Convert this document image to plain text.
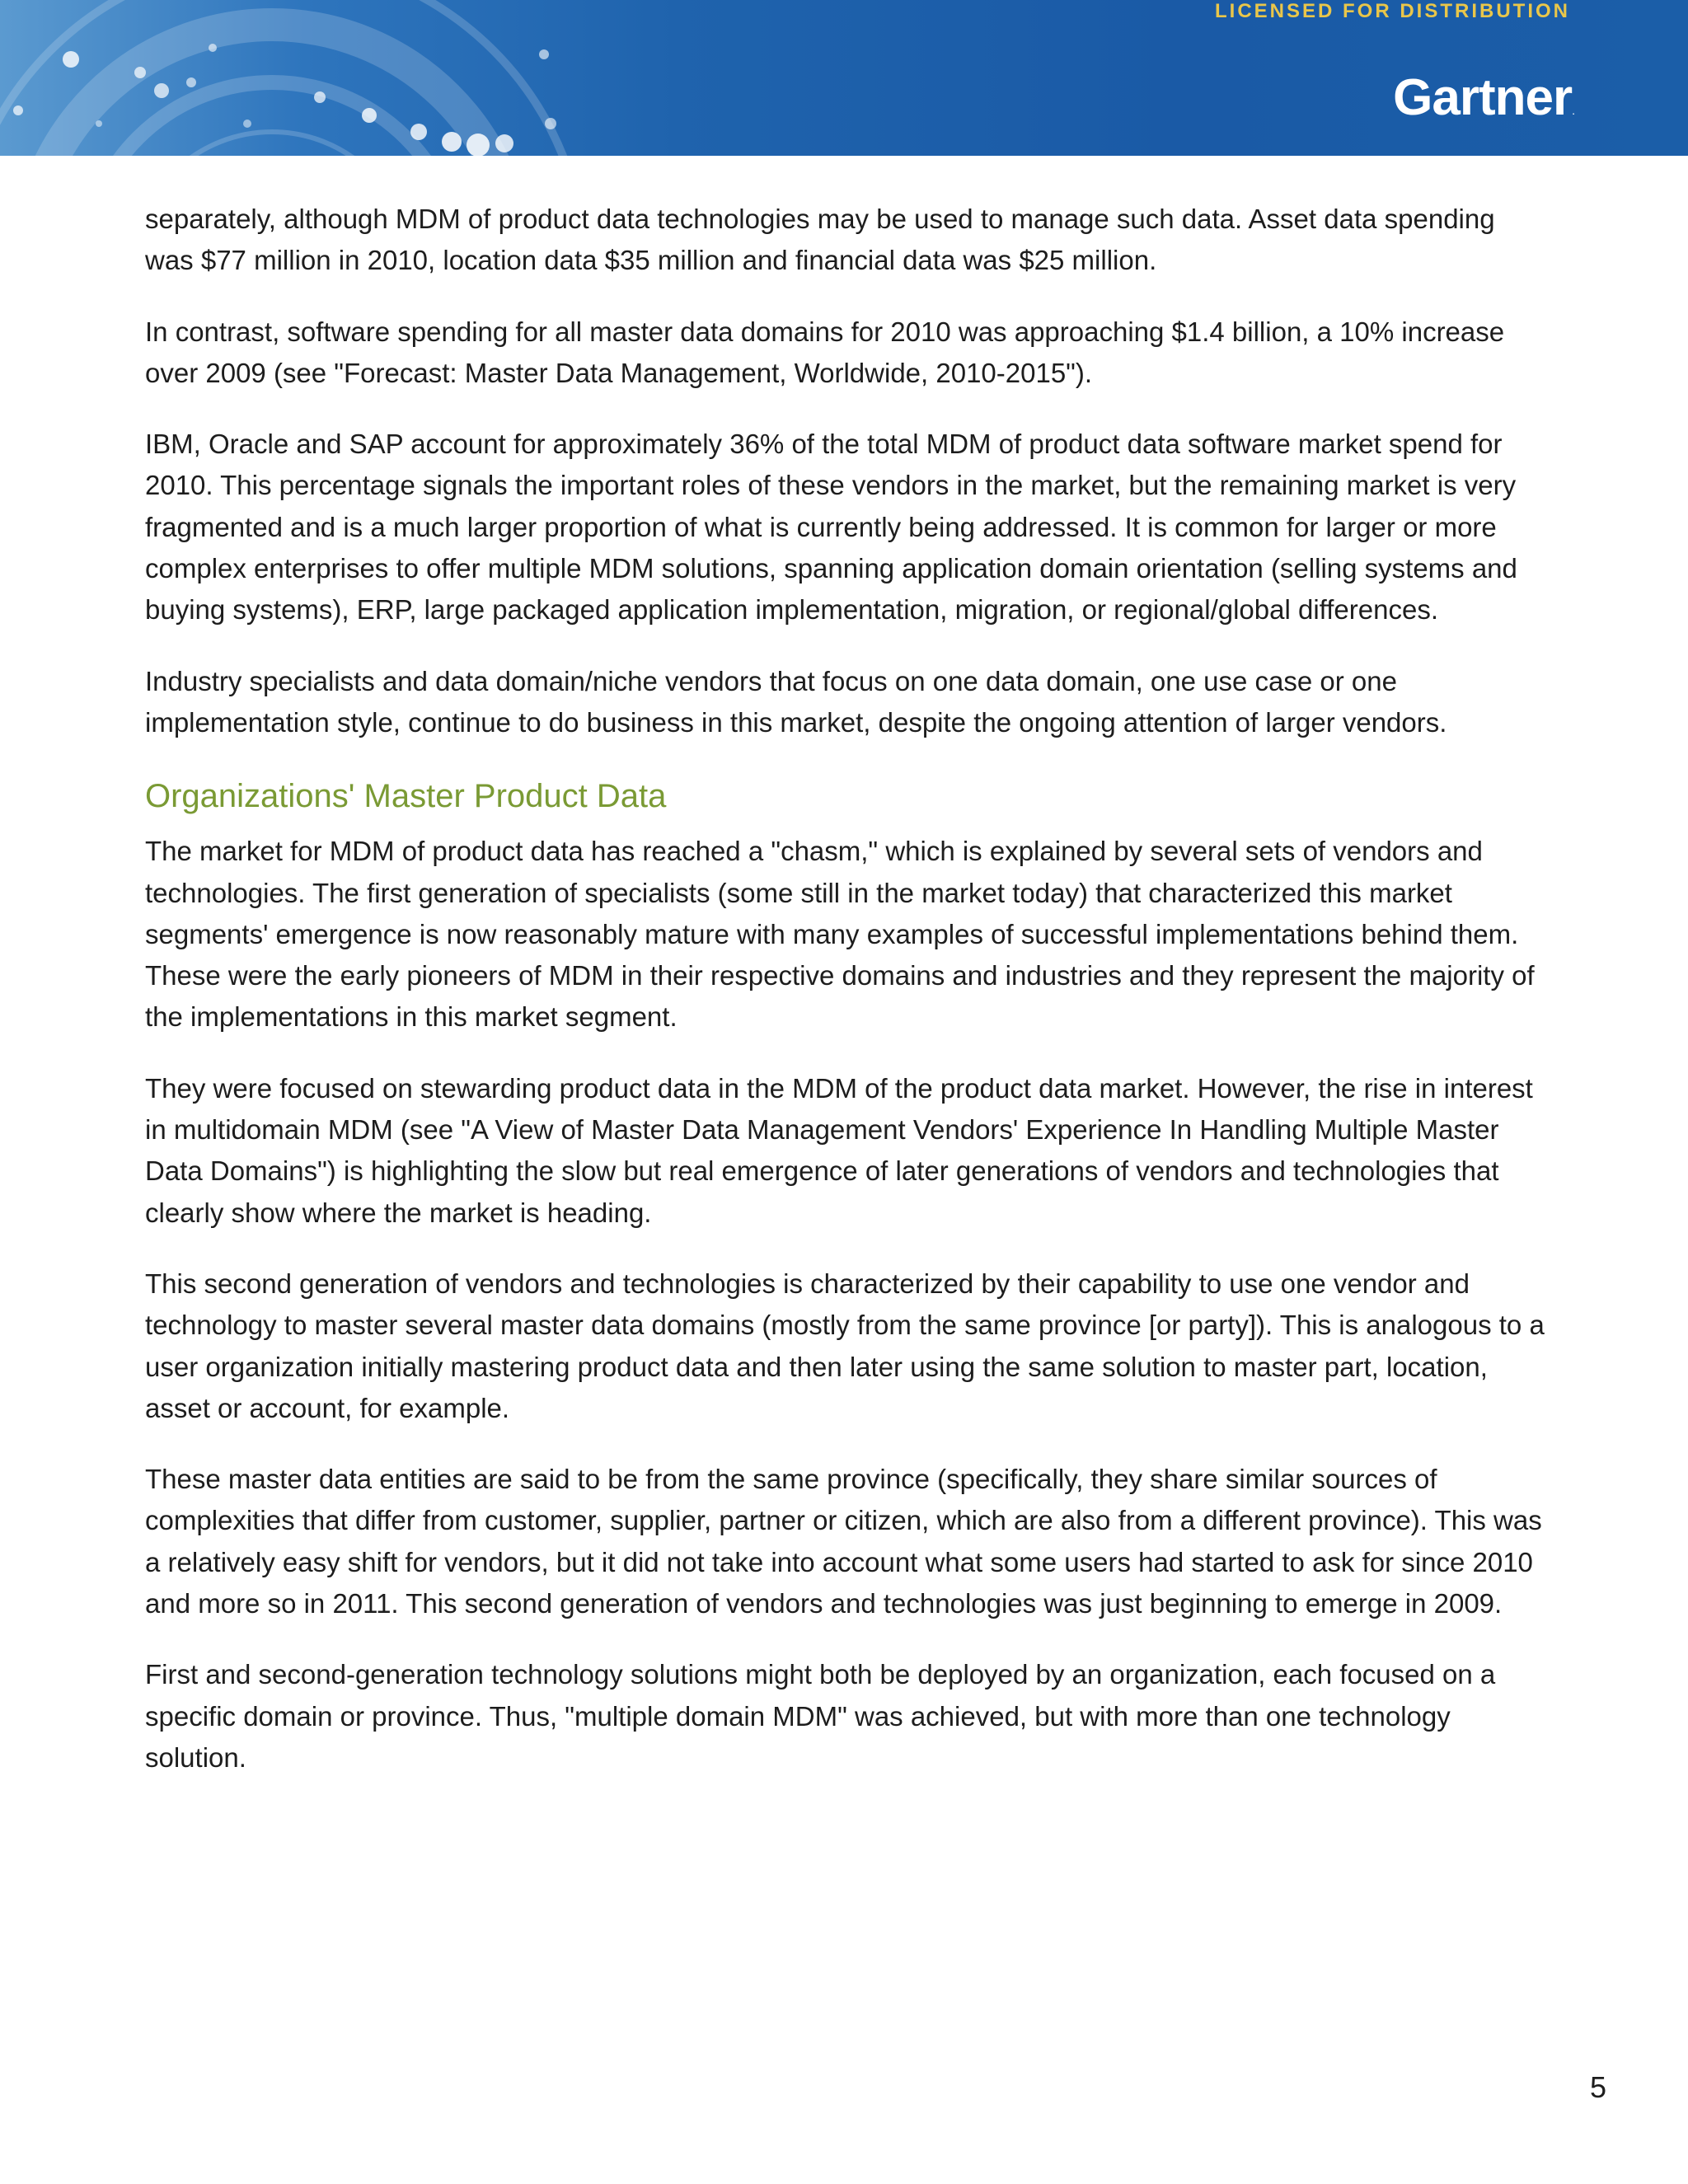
LICENSED FOR DISTRIBUTION
Gartner.

separately, although MDM of product data technologies may be used to manage such data. Asset data spending was $77 million in 2010, location data $35 million and financial data was $25 million.

In contrast, software spending for all master data domains for 2010 was approaching $1.4 billion, a 10% increase over 2009 (see "Forecast: Master Data Management, Worldwide, 2010-2015").

IBM, Oracle and SAP account for approximately 36% of the total MDM of product data software market spend for 2010. This percentage signals the important roles of these vendors in the market, but the remaining market is very fragmented and is a much larger proportion of what is currently being addressed. It is common for larger or more complex enterprises to offer multiple MDM solutions, spanning application domain orientation (selling systems and buying systems), ERP, large packaged application implementation, migration, or regional/global differences.

Industry specialists and data domain/niche vendors that focus on one data domain, one use case or one implementation style, continue to do business in this market, despite the ongoing attention of larger vendors.

Organizations' Master Product Data

The market for MDM of product data has reached a "chasm," which is explained by several sets of vendors and technologies. The first generation of specialists (some still in the market today) that characterized this market segments' emergence is now reasonably mature with many examples of successful implementations behind them. These were the early pioneers of MDM in their respective domains and industries and they represent the majority of the implementations in this market segment.

They were focused on stewarding product data in the MDM of the product data market. However, the rise in interest in multidomain MDM (see "A View of Master Data Management Vendors' Experience In Handling Multiple Master Data Domains") is highlighting the slow but real emergence of later generations of vendors and technologies that clearly show where the market is heading.

This second generation of vendors and technologies is characterized by their capability to use one vendor and technology to master several master data domains (mostly from the same province [or party]). This is analogous to a user organization initially mastering product data and then later using the same solution to master part, location, asset or account, for example.

These master data entities are said to be from the same province (specifically, they share similar sources of complexities that differ from customer, supplier, partner or citizen, which are also from a different province). This was a relatively easy shift for vendors, but it did not take into account what some users had started to ask for since 2010 and more so in 2011. This second generation of vendors and technologies was just beginning to emerge in 2009.

First and second-generation technology solutions might both be deployed by an organization, each focused on a specific domain or province. Thus, "multiple domain MDM" was achieved, but with more than one technology solution.

5
